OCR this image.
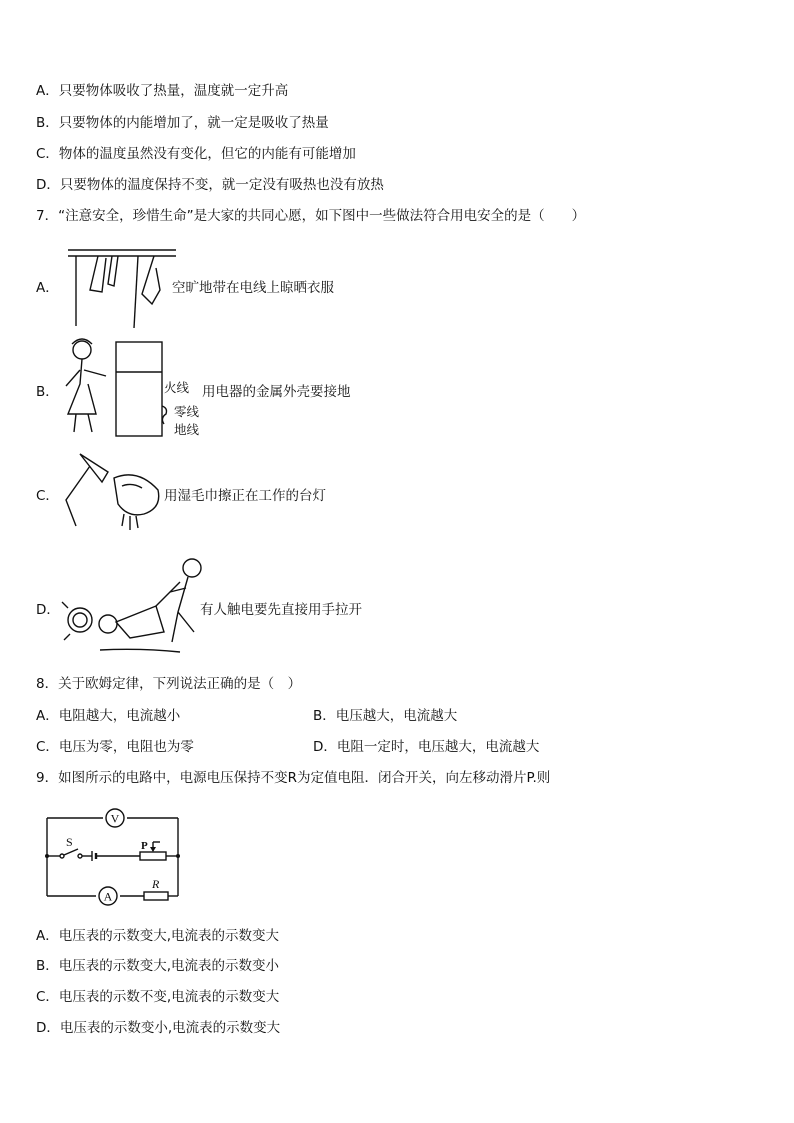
A．只要物体吸收了热量，温度就一定升高
B．只要物体的内能增加了，就一定是吸收了热量
C．物体的温度虽然没有变化，但它的内能有可能增加
D．只要物体的温度保持不变，就一定没有吸热也没有放热
7．“注意安全，珍惜生命”是大家的共同心愿，如下图中一些做法符合用电安全的是（　　）
A．	空旷地带在电线上晾晒衣服
B．	火线
零线
地线
用电器的金属外壳要接地
C．	用湿毛巾擦正在工作的台灯
D．	有人触电要先直接用手拉开
8．关于欧姆定律，下列说法正确的是（　）
A．电阻越大，电流越小	B．电压越大，电流越大
C．电压为零，电阻也为零	D．电阻一定时，电压越大，电流越大
9．如图所示的电路中，电源电压保持不变R为定值电阻．闭合开关，向左移动滑片P.则
V
A
R
S	P
A．电压表的示数变大,电流表的示数变大
B．电压表的示数变大,电流表的示数变小
C．电压表的示数不变,电流表的示数变大
D．电压表的示数变小,电流表的示数变大
